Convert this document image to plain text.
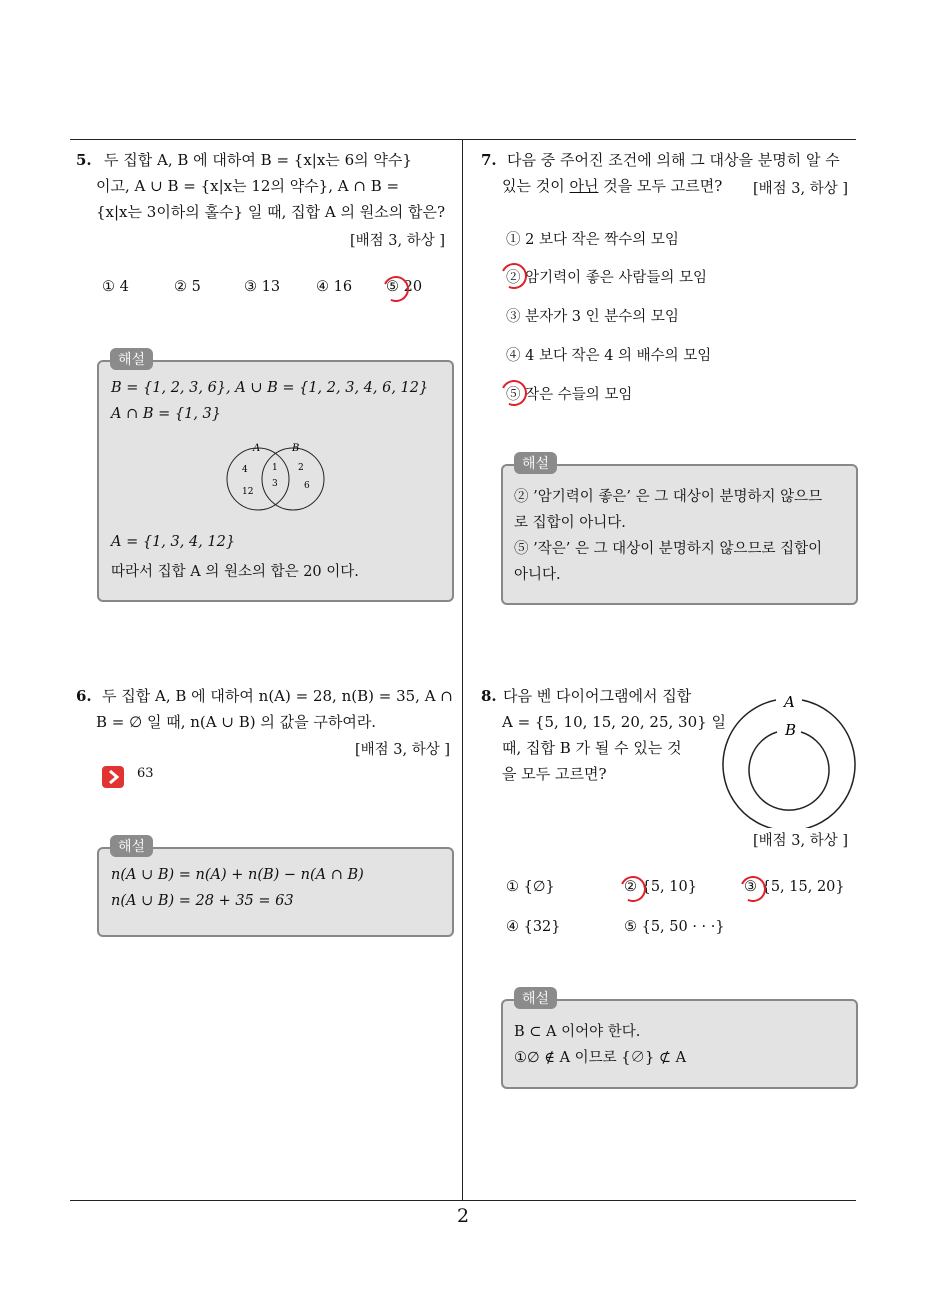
2
5. 두 집합 A, B 에 대하여 B = {x|x는 6의 약수}
이고, A ∪ B = {x|x는 12의 약수}, A ∩ B =
{x|x는 3이하의 홀수} 일 때, 집합 A 의 원소의 합은?
[배점 3, 하상 ]
① 4	② 5	③ 13 ④ 16 ⑤ 20
해설
B = {1, 2, 3, 6}, A ∪ B = {1, 2, 3, 4, 6, 12}
A ∩ B = {1, 3}
A	B
4
12
1
3
2
6
A = {1, 3, 4, 12}
따라서 집합 A 의 원소의 합은 20 이다.
6. 두 집합 A, B 에 대하여 n(A) = 28, n(B) = 35, A ∩
B = ∅ 일 때, n(A ∪ B) 의 값을 구하여라.
[배점 3, 하상 ]
63
해설
n(A ∪ B) = n(A) + n(B) − n(A ∩ B)
n(A ∪ B) = 28 + 35 = 63
7. 다음 중 주어진 조건에 의해 그 대상을 분명히 알 수
있는 것이 아닌 것을 모두 고르면? [배점 3, 하상 ]
① 2 보다 작은 짝수의 모임
② 암기력이 좋은 사람들의 모임
③ 분자가 3 인 분수의 모임
④ 4 보다 작은 4 의 배수의 모임
⑤ 작은 수들의 모임
해설
② ’암기력이 좋은’ 은 그 대상이 분명하지 않으므
로 집합이 아니다.
⑤ ’작은’ 은 그 대상이 분명하지 않으므로 집합이
아니다.
8. 다음 벤 다이어그램에서 집합
A = {5, 10, 15, 20, 25, 30} 일
때, 집합 B 가 될 수 있는 것
을 모두 고르면?
A
B
[배점 3, 하상 ]
① {∅}	② {5, 10}	③ {5, 15, 20}
④ {32}	⑤ {5, 50 · · ·}
해설
B ⊂ A 이어야 한다.
①∅ ∉ A 이므로 {∅} ⊄ A
